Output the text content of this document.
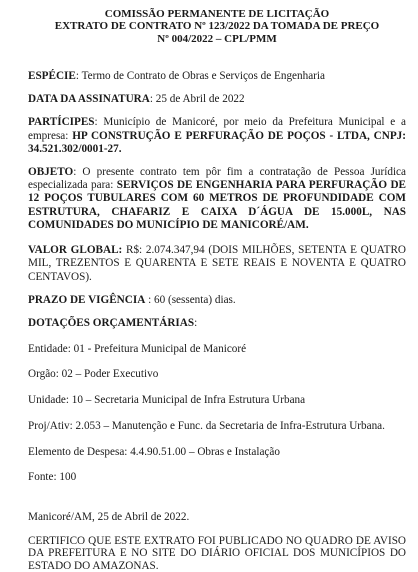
COMISSÃO PERMANENTE DE LICITAÇÃO
EXTRATO DE CONTRATO Nº 123/2022 DA TOMADA DE PREÇO
Nº 004/2022 – CPL/PMM
ESPÉCIE: Termo de Contrato de Obras e Serviços de Engenharia
DATA DA ASSINATURA: 25 de Abril de 2022
PARTÍCIPES: Município de Manicoré, por meio da Prefeitura Municipal e a empresa: HP CONSTRUÇÃO E PERFURAÇÃO DE POÇOS - LTDA, CNPJ: 34.521.302/0001-27.
OBJETO: O presente contrato tem pôr fim a contratação de Pessoa Jurídica especializada para: SERVIÇOS DE ENGENHARIA PARA PERFURAÇÃO DE 12 POÇOS TUBULARES COM 60 METROS DE PROFUNDIDADE COM ESTRUTURA, CHAFARIZ E CAIXA D´ÁGUA DE 15.000L, NAS COMUNIDADES DO MUNICÍPIO DE MANICORÉ/AM.
VALOR GLOBAL: R$: 2.074.347,94 (DOIS MILHÕES, SETENTA E QUATRO MIL, TREZENTOS E QUARENTA E SETE REAIS E NOVENTA E QUATRO CENTAVOS).
PRAZO DE VIGÊNCIA : 60 (sessenta) dias.
DOTAÇÕES ORÇAMENTÁRIAS:
Entidade: 01 - Prefeitura Municipal de Manicoré
Orgão: 02 – Poder Executivo
Unidade: 10 – Secretaria Municipal de Infra Estrutura Urbana
Proj/Ativ: 2.053 – Manutenção e Func. da Secretaria de Infra-Estrutura Urbana.
Elemento de Despesa: 4.4.90.51.00 – Obras e Instalação
Fonte: 100
Manicoré/AM, 25 de Abril de 2022.
CERTIFICO QUE ESTE EXTRATO FOI PUBLICADO NO QUADRO DE AVISO DA PREFEITURA E NO SITE DO DIÁRIO OFICIAL DOS MUNICÍPIOS DO ESTADO DO AMAZONAS.
